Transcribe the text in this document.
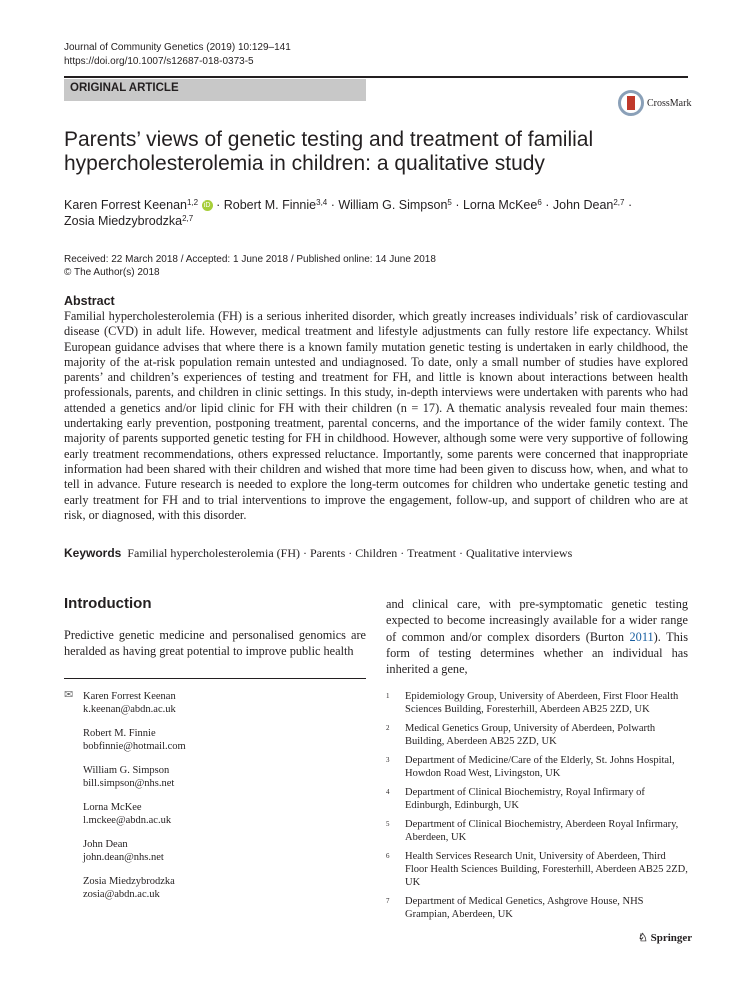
Journal of Community Genetics (2019) 10:129–141
https://doi.org/10.1007/s12687-018-0373-5
ORIGINAL ARTICLE
CrossMark
Parents’ views of genetic testing and treatment of familial hypercholesterolemia in children: a qualitative study
Karen Forrest Keenan$^{1,2}$ iD · Robert M. Finnie$^{3,4}$ · William G. Simpson$^5$ · Lorna McKee$^6$ · John Dean$^{2,7}$ ·
Zosia Miedzybrodzka$^{2,7}$
Received: 22 March 2018 / Accepted: 1 June 2018 / Published online: 14 June 2018
© The Author(s) 2018
Abstract

Familial hypercholesterolemia (FH) is a serious inherited disorder, which greatly increases individuals’ risk of cardiovascular disease (CVD) in adult life. However, medical treatment and lifestyle adjustments can fully restore life expectancy. Whilst European guidance advises that where there is a known family mutation genetic testing is undertaken in early childhood, the majority of the at-risk population remain untested and undiagnosed. To date, only a small number of studies have explored parents’ and children’s experiences of testing and treatment for FH, and little is known about interactions between health professionals, parents, and children in clinic settings. In this study, in-depth interviews were undertaken with parents who had attended a genetics and/or lipid clinic for FH with their children (n = 17). A thematic analysis revealed four main themes: undertaking early prevention, postponing treatment, parental concerns, and the importance of the wider family context. The majority of parents supported genetic testing for FH in childhood. However, although some were very supportive of following early treatment recommendations, others expressed reluctance. Importantly, some parents were concerned that inappropriate information had been shared with their children and wished that more time had been given to discuss how, when, and what to tell in advance. Future research is needed to explore the long-term outcomes for children who undertake genetic testing and early treatment for FH and to trial interventions to improve the engagement, follow-up, and support of children who are at risk, or diagnosed, with this disorder.

Keywords Familial hypercholesterolemia (FH) · Parents · Children · Treatment · Qualitative interviews
Introduction

Predictive genetic medicine and personalised genomics are heralded as having great potential to improve public health

and clinical care, with pre-symptomatic genetic testing expected to become increasingly available for a wider range of common and/or complex disorders (Burton 2011). This form of testing determines whether an individual has inherited a gene,

✉ Karen Forrest Keenan
k.keenan@abdn.ac.uk
Robert M. Finnie
bobfinnie@hotmail.com
William G. Simpson
bill.simpson@nhs.net
Lorna McKee
l.mckee@abdn.ac.uk
John Dean
john.dean@nhs.net
Zosia Miedzybrodzka
zosia@abdn.ac.uk
1	Epidemiology Group, University of Aberdeen, First Floor Health Sciences Building, Foresterhill, Aberdeen AB25 2ZD, UK
2	Medical Genetics Group, University of Aberdeen, Polwarth Building, Aberdeen AB25 2ZD, UK
3	Department of Medicine/Care of the Elderly, St. Johns Hospital, Howdon Road West, Livingston, UK
4	Department of Clinical Biochemistry, Royal Infirmary of Edinburgh, Edinburgh, UK
5	Department of Clinical Biochemistry, Aberdeen Royal Infirmary, Aberdeen, UK
6	Health Services Research Unit, University of Aberdeen, Third Floor Health Sciences Building, Foresterhill, Aberdeen AB25 2ZD, UK
7	Department of Medical Genetics, Ashgrove House, NHS Grampian, Aberdeen, UK
♘ Springer
